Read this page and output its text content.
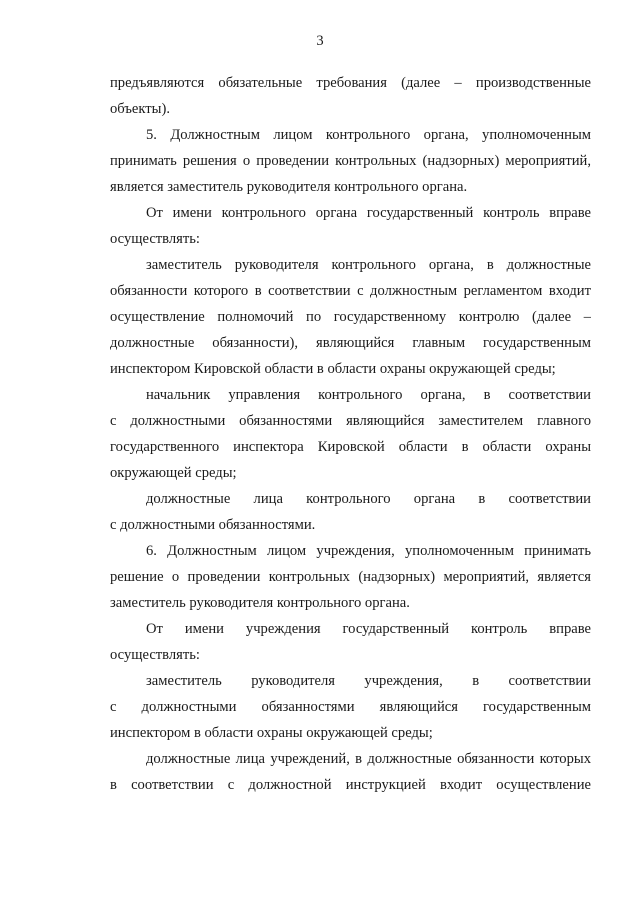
3
предъявляются обязательные требования (далее – производственные
объекты).
5. Должностным лицом контрольного органа, уполномоченным
принимать решения о проведении контрольных (надзорных) мероприятий,
является заместитель руководителя контрольного органа.
От имени контрольного органа государственный контроль вправе
осуществлять:
заместитель руководителя контрольного органа, в должностные
обязанности которого в соответствии с должностным регламентом входит
осуществление полномочий по государственному контролю (далее –
должностные обязанности), являющийся главным государственным
инспектором Кировской области в области охраны окружающей среды;
начальник управления контрольного органа, в соответствии
с должностными обязанностями являющийся заместителем главного
государственного инспектора Кировской области в области охраны
окружающей среды;
должностные лица контрольного органа в соответствии
с должностными обязанностями.
6. Должностным лицом учреждения, уполномоченным принимать
решение о проведении контрольных (надзорных) мероприятий, является
заместитель руководителя контрольного органа.
От имени учреждения государственный контроль вправе
осуществлять:
заместитель руководителя учреждения, в соответствии
с должностными обязанностями являющийся государственным
инспектором в области охраны окружающей среды;
должностные лица учреждений, в должностные обязанности которых
в соответствии с должностной инструкцией входит осуществление
